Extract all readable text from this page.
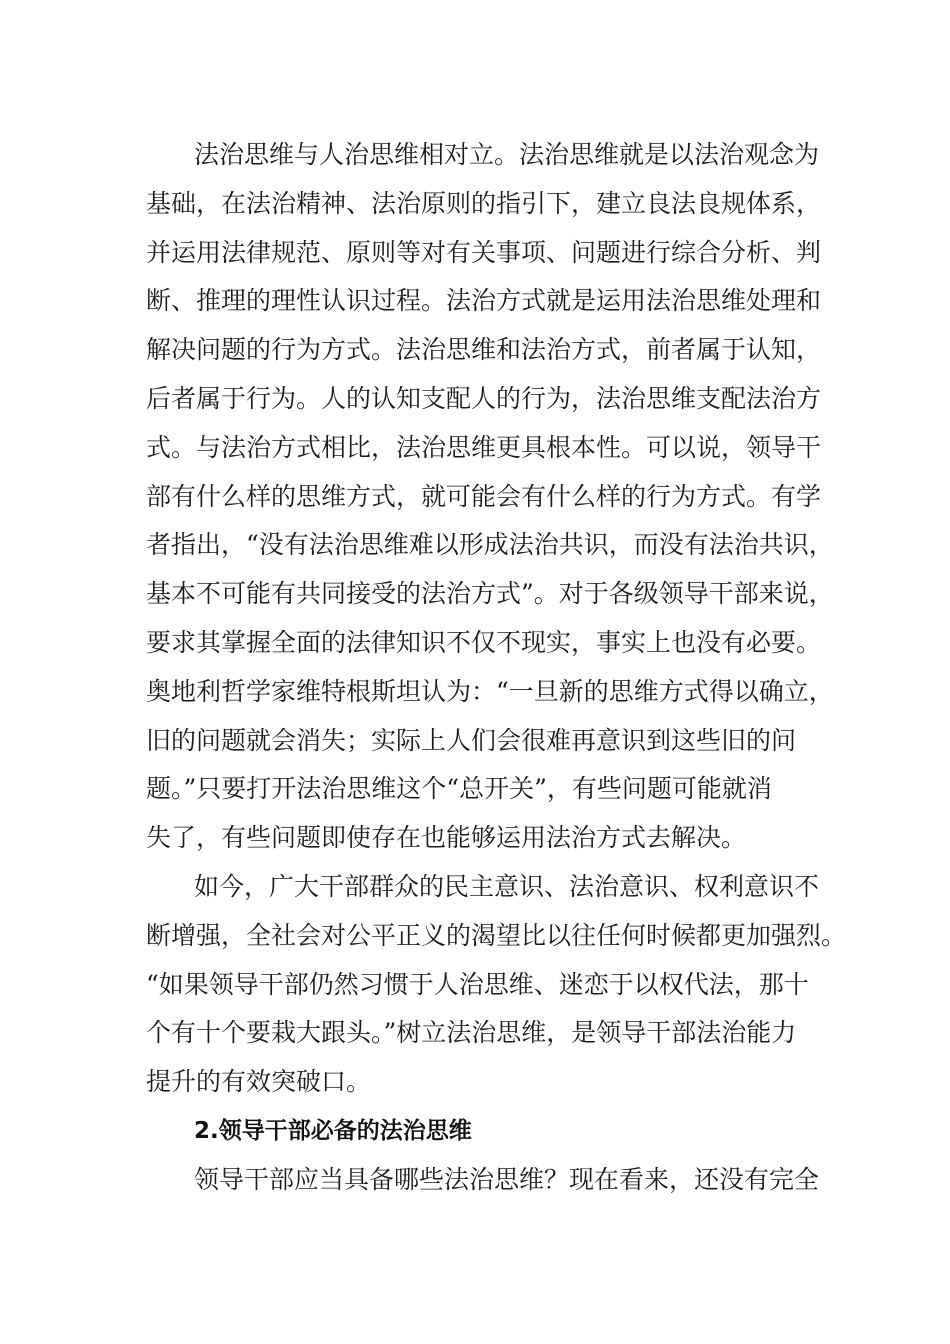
法治思维与人治思维相对立。法治思维就是以法治观念为
基础，在法治精神、法治原则的指引下，建立良法良规体系，
并运用法律规范、原则等对有关事项、问题进行综合分析、判
断、推理的理性认识过程。法治方式就是运用法治思维处理和
解决问题的行为方式。法治思维和法治方式，前者属于认知，
后者属于行为。人的认知支配人的行为，法治思维支配法治方
式。与法治方式相比，法治思维更具根本性。可以说，领导干
部有什么样的思维方式，就可能会有什么样的行为方式。有学
者指出，“没有法治思维难以形成法治共识，而没有法治共识，
基本不可能有共同接受的法治方式”。对于各级领导干部来说，
要求其掌握全面的法律知识不仅不现实，事实上也没有必要。
奥地利哲学家维特根斯坦认为：“一旦新的思维方式得以确立，
旧的问题就会消失；实际上人们会很难再意识到这些旧的问
题。”只要打开法治思维这个“总开关”，有些问题可能就消
失了，有些问题即使存在也能够运用法治方式去解决。
如今，广大干部群众的民主意识、法治意识、权利意识不
断增强，全社会对公平正义的渴望比以往任何时候都更加强烈。
“如果领导干部仍然习惯于人治思维、迷恋于以权代法，那十
个有十个要栽大跟头。”树立法治思维，是领导干部法治能力
提升的有效突破口。
2.领导干部必备的法治思维
领导干部应当具备哪些法治思维？现在看来，还没有完全
